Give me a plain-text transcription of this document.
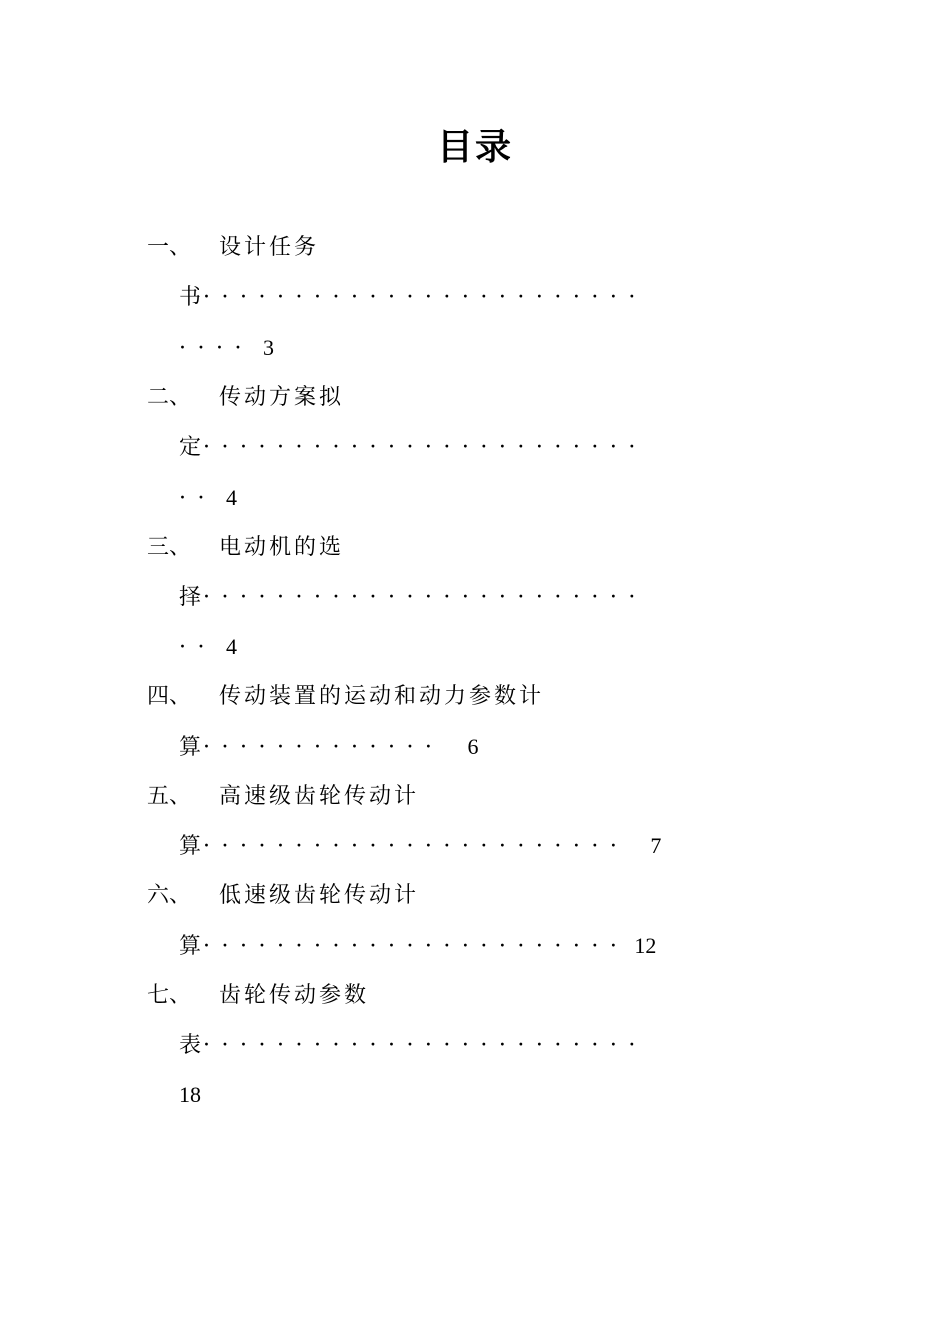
目录
一、 设计任务
书························
···· 3
二、 传动方案拟
定························
·· 4
三、 电动机的选
择························
·· 4
四、 传动装置的运动和动力参数计
算············· 6
五、 高速级齿轮传动计
算······················· 7
六、 低速级齿轮传动计
算······················· 12
七、 齿轮传动参数
表························
18
